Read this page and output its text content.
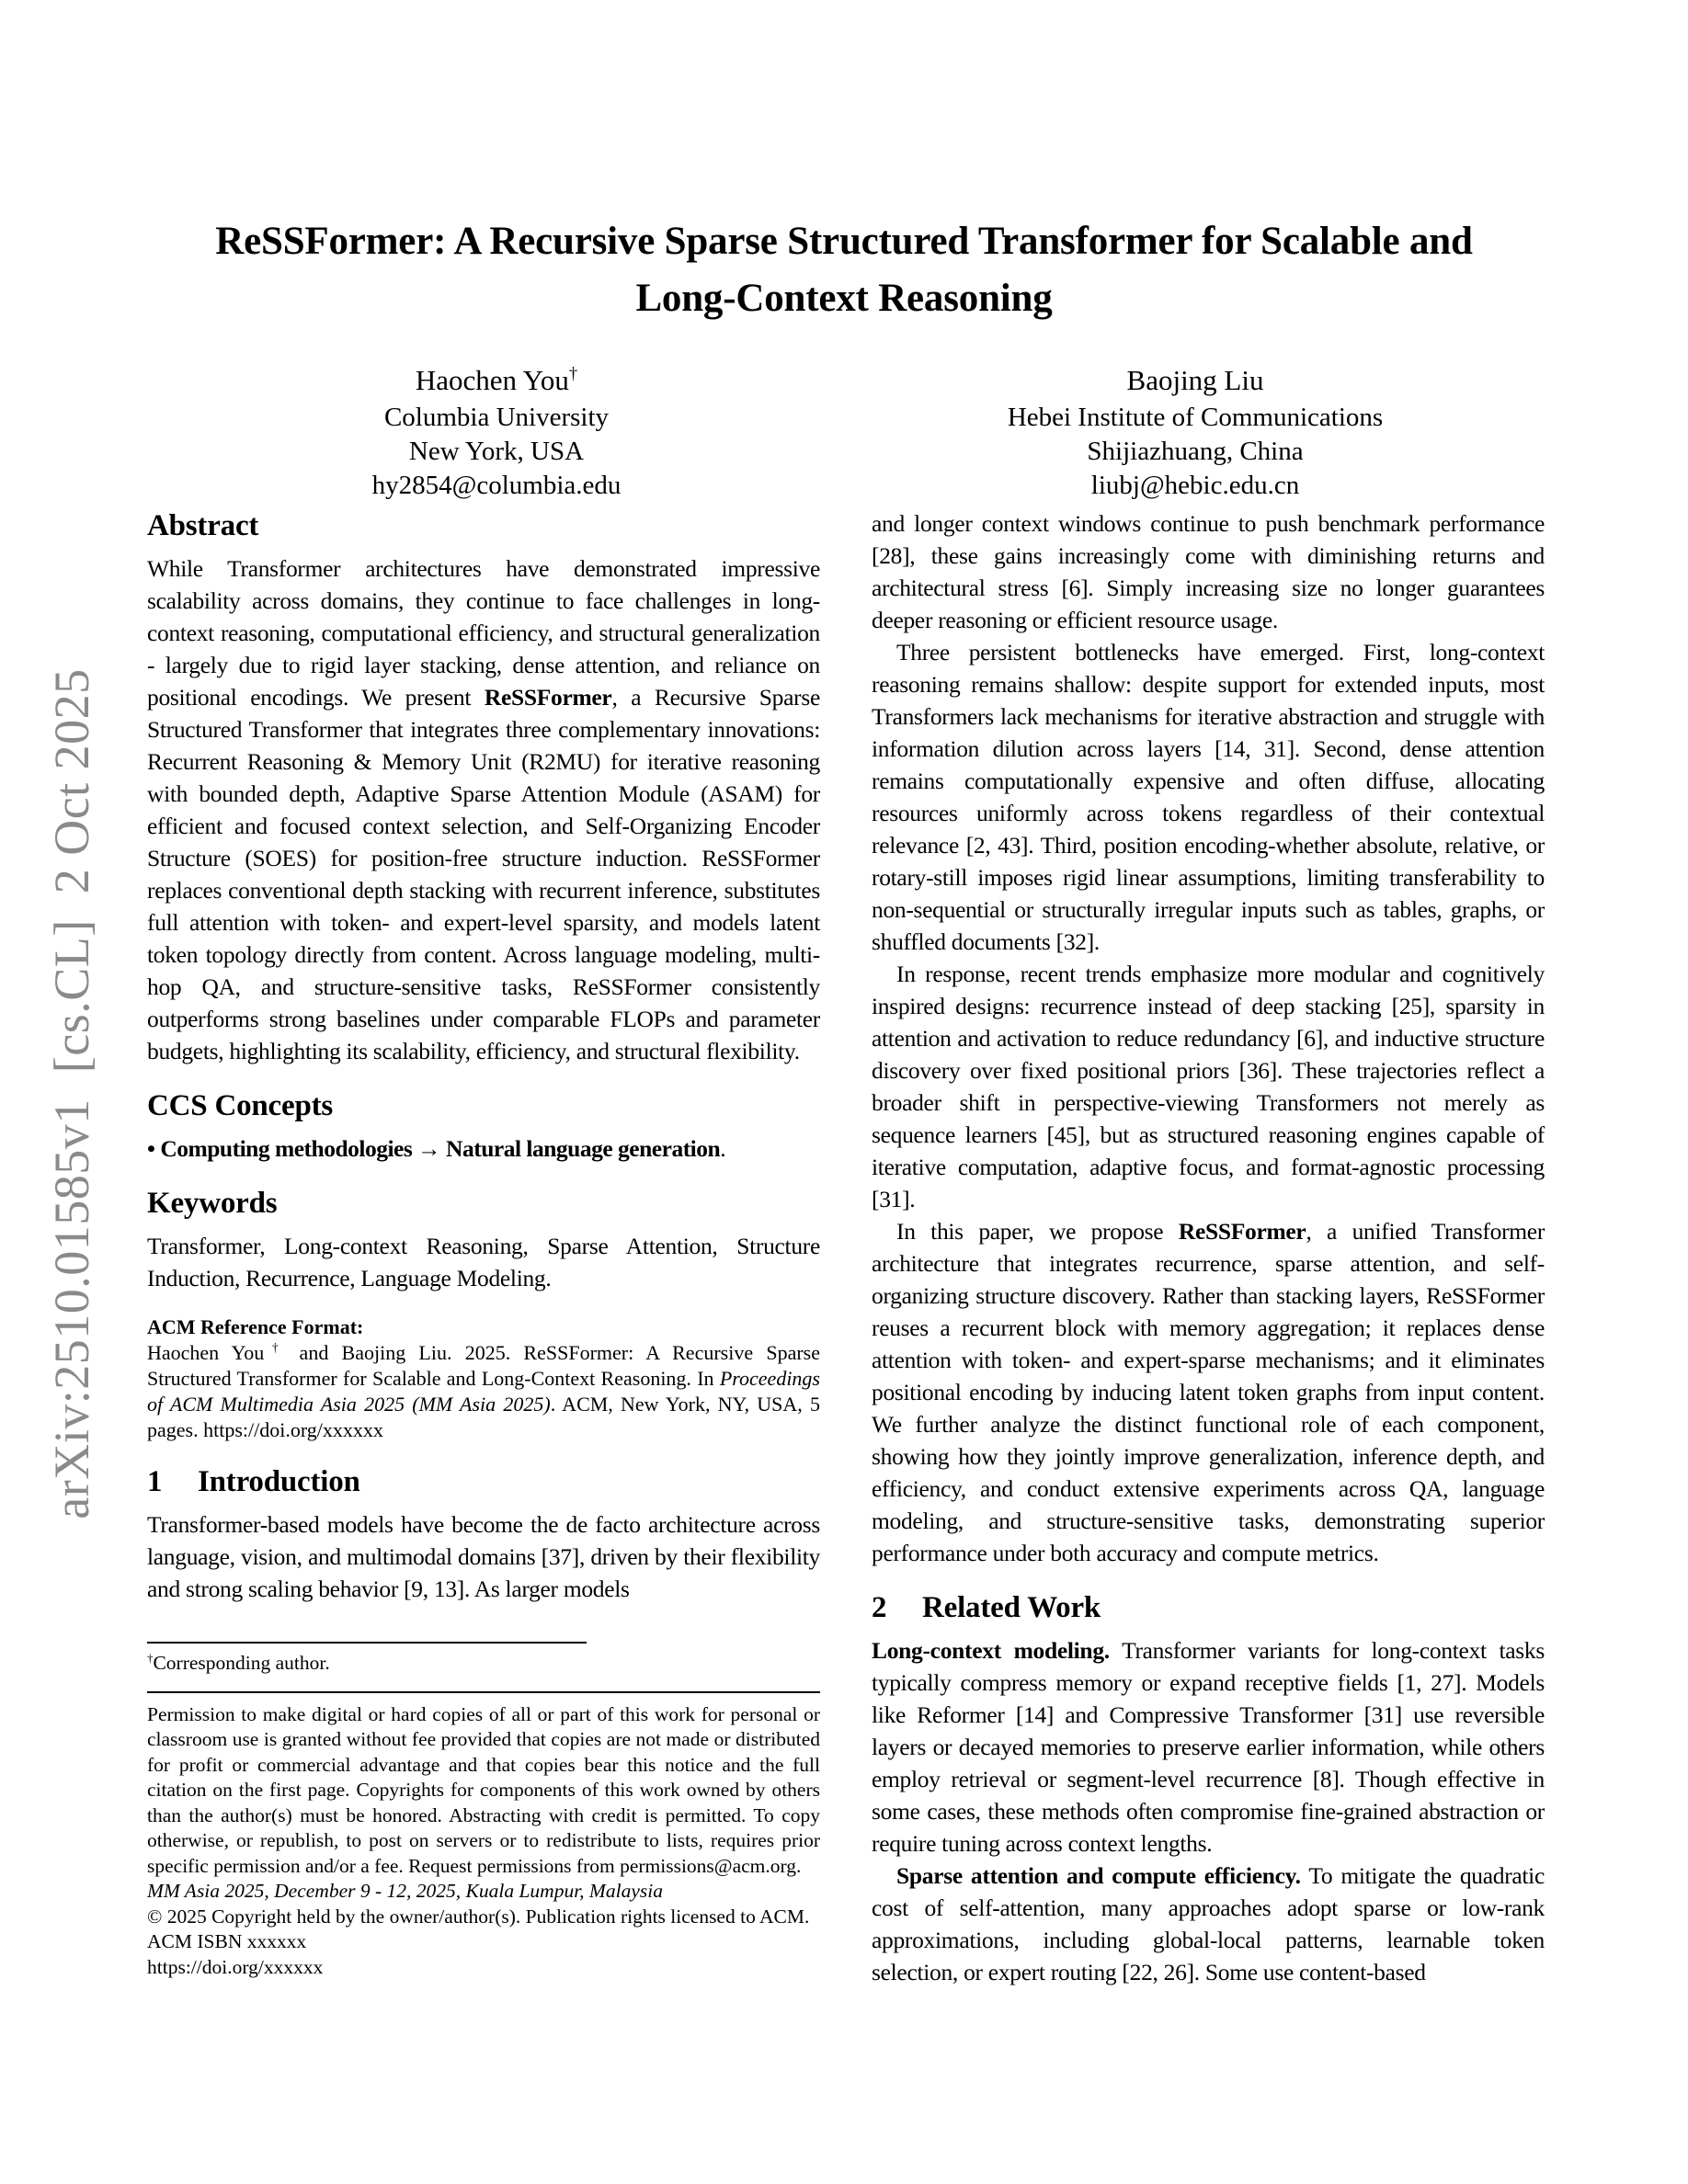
arXiv:2510.01585v1  [cs.CL]  2 Oct 2025
ReSSFormer: A Recursive Sparse Structured Transformer for Scalable and Long-Context Reasoning
Haochen You†
Columbia University
New York, USA
hy2854@columbia.edu
Baojing Liu
Hebei Institute of Communications
Shijiazhuang, China
liubj@hebic.edu.cn
Abstract

While Transformer architectures have demonstrated impressive scalability across domains, they continue to face challenges in long-context reasoning, computational efficiency, and structural generalization - largely due to rigid layer stacking, dense attention, and reliance on positional encodings. We present ReSSFormer, a Recursive Sparse Structured Transformer that integrates three complementary innovations: Recurrent Reasoning & Memory Unit (R2MU) for iterative reasoning with bounded depth, Adaptive Sparse Attention Module (ASAM) for efficient and focused context selection, and Self-Organizing Encoder Structure (SOES) for position-free structure induction. ReSSFormer replaces conventional depth stacking with recurrent inference, substitutes full attention with token- and expert-level sparsity, and models latent token topology directly from content. Across language modeling, multi-hop QA, and structure-sensitive tasks, ReSSFormer consistently outperforms strong baselines under comparable FLOPs and parameter budgets, highlighting its scalability, efficiency, and structural flexibility.

CCS Concepts

• Computing methodologies → Natural language generation.

Keywords

Transformer, Long-context Reasoning, Sparse Attention, Structure Induction, Recurrence, Language Modeling.

ACM Reference Format:

Haochen You† and Baojing Liu. 2025. ReSSFormer: A Recursive Sparse Structured Transformer for Scalable and Long-Context Reasoning. In Proceedings of ACM Multimedia Asia 2025 (MM Asia 2025). ACM, New York, NY, USA, 5 pages. https://doi.org/xxxxxx

1 Introduction

Transformer-based models have become the de facto architecture across language, vision, and multimodal domains [37], driven by their flexibility and strong scaling behavior [9, 13]. As larger models

†Corresponding author.

Permission to make digital or hard copies of all or part of this work for personal or classroom use is granted without fee provided that copies are not made or distributed for profit or commercial advantage and that copies bear this notice and the full citation on the first page. Copyrights for components of this work owned by others than the author(s) must be honored. Abstracting with credit is permitted. To copy otherwise, or republish, to post on servers or to redistribute to lists, requires prior specific permission and/or a fee. Request permissions from permissions@acm.org.

MM Asia 2025, December 9 - 12, 2025, Kuala Lumpur, Malaysia

© 2025 Copyright held by the owner/author(s). Publication rights licensed to ACM.

ACM ISBN xxxxxx

https://doi.org/xxxxxx

and longer context windows continue to push benchmark performance [28], these gains increasingly come with diminishing returns and architectural stress [6]. Simply increasing size no longer guarantees deeper reasoning or efficient resource usage.

Three persistent bottlenecks have emerged. First, long-context reasoning remains shallow: despite support for extended inputs, most Transformers lack mechanisms for iterative abstraction and struggle with information dilution across layers [14, 31]. Second, dense attention remains computationally expensive and often diffuse, allocating resources uniformly across tokens regardless of their contextual relevance [2, 43]. Third, position encoding-whether absolute, relative, or rotary-still imposes rigid linear assumptions, limiting transferability to non-sequential or structurally irregular inputs such as tables, graphs, or shuffled documents [32].

In response, recent trends emphasize more modular and cognitively inspired designs: recurrence instead of deep stacking [25], sparsity in attention and activation to reduce redundancy [6], and inductive structure discovery over fixed positional priors [36]. These trajectories reflect a broader shift in perspective-viewing Transformers not merely as sequence learners [45], but as structured reasoning engines capable of iterative computation, adaptive focus, and format-agnostic processing [31].

In this paper, we propose ReSSFormer, a unified Transformer architecture that integrates recurrence, sparse attention, and self-organizing structure discovery. Rather than stacking layers, ReSSFormer reuses a recurrent block with memory aggregation; it replaces dense attention with token- and expert-sparse mechanisms; and it eliminates positional encoding by inducing latent token graphs from input content. We further analyze the distinct functional role of each component, showing how they jointly improve generalization, inference depth, and efficiency, and conduct extensive experiments across QA, language modeling, and structure-sensitive tasks, demonstrating superior performance under both accuracy and compute metrics.

2 Related Work

Long-context modeling. Transformer variants for long-context tasks typically compress memory or expand receptive fields [1, 27]. Models like Reformer [14] and Compressive Transformer [31] use reversible layers or decayed memories to preserve earlier information, while others employ retrieval or segment-level recurrence [8]. Though effective in some cases, these methods often compromise fine-grained abstraction or require tuning across context lengths.

Sparse attention and compute efficiency. To mitigate the quadratic cost of self-attention, many approaches adopt sparse or low-rank approximations, including global-local patterns, learnable token selection, or expert routing [22, 26]. Some use content-based
